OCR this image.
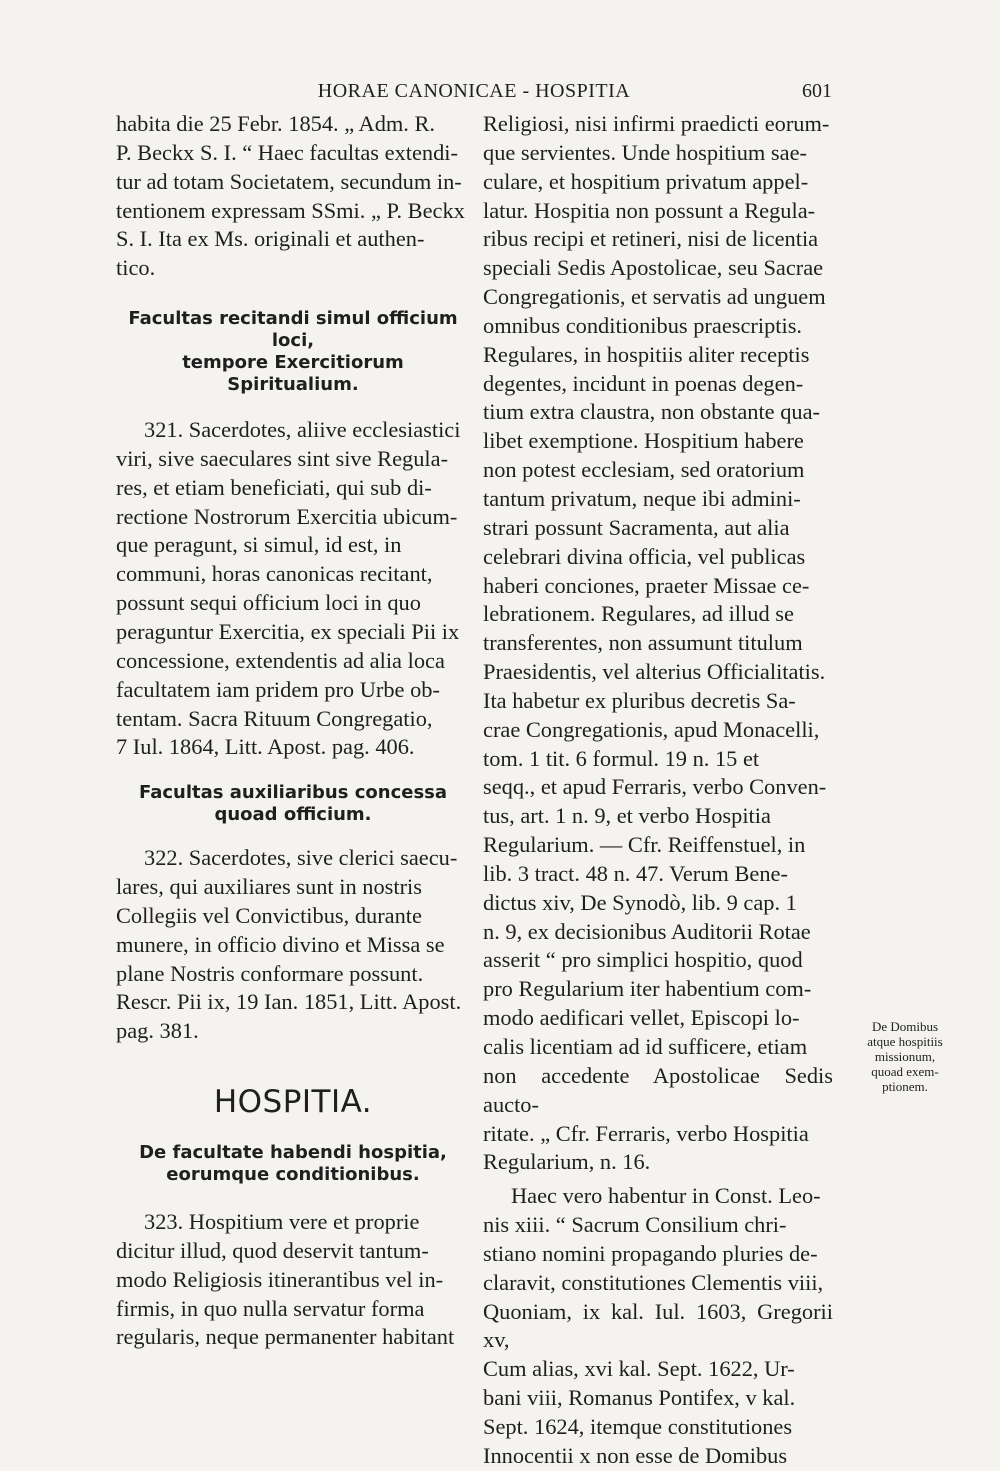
HORAE CANONICAE - HOSPITIA	601

habita die 25 Febr. 1854. „ Adm. R.
P. Beckx S. I. “ Haec facultas extendi-
tur ad totam Societatem, secundum in-
tentionem expressam SSmi. „ P. Beckx
S. I. Ita ex Ms. originali et authen-
tico.

Facultas recitandi simul officium loci,
tempore Exercitiorum Spiritualium.

321. Sacerdotes, aliive ecclesiastici
viri, sive saeculares sint sive Regula-
res, et etiam beneficiati, qui sub di-
rectione Nostrorum Exercitia ubicum-
que peragunt, si simul, id est, in
communi, horas canonicas recitant,
possunt sequi officium loci in quo
peraguntur Exercitia, ex speciali Pii ix
concessione, extendentis ad alia loca
facultatem iam pridem pro Urbe ob-
tentam. Sacra Rituum Congregatio,
7 Iul. 1864, Litt. Apost. pag. 406.

Facultas auxiliaribus concessa
quoad officium.

322. Sacerdotes, sive clerici saecu-
lares, qui auxiliares sunt in nostris
Collegiis vel Convictibus, durante
munere, in officio divino et Missa se
plane Nostris conformare possunt.
Rescr. Pii ix, 19 Ian. 1851, Litt. Apost.
pag. 381.

HOSPITIA.

De facultate habendi hospitia,
eorumque conditionibus.

323. Hospitium vere et proprie
dicitur illud, quod deservit tantum-
modo Religiosis itinerantibus vel in-
firmis, in quo nulla servatur forma
regularis, neque permanenter habitant

Religiosi, nisi infirmi praedicti eorum-
que servientes. Unde hospitium sae-
culare, et hospitium privatum appel-
latur. Hospitia non possunt a Regula-
ribus recipi et retineri, nisi de licentia
speciali Sedis Apostolicae, seu Sacrae
Congregationis, et servatis ad unguem
omnibus conditionibus praescriptis.
Regulares, in hospitiis aliter receptis
degentes, incidunt in poenas degen-
tium extra claustra, non obstante qua-
libet exemptione. Hospitium habere
non potest ecclesiam, sed oratorium
tantum privatum, neque ibi admini-
strari possunt Sacramenta, aut alia
celebrari divina officia, vel publicas
haberi conciones, praeter Missae ce-
lebrationem. Regulares, ad illud se
transferentes, non assumunt titulum
Praesidentis, vel alterius Officialitatis.
Ita habetur ex pluribus decretis Sa-
crae Congregationis, apud Monacelli,
tom. 1 tit. 6 formul. 19 n. 15 et
seqq., et apud Ferraris, verbo Conven-
tus, art. 1 n. 9, et verbo Hospitia
Regularium. — Cfr. Reiffenstuel, in
lib. 3 tract. 48 n. 47. Verum Bene-
dictus xiv, De Synodò, lib. 9 cap. 1
n. 9, ex decisionibus Auditorii Rotae
asserit “ pro simplici hospitio, quod
pro Regularium iter habentium com-
modo aedificari vellet, Episcopi lo-
calis licentiam ad id sufficere, etiam
non accedente Apostolicae Sedis aucto-
ritate. „ Cfr. Ferraris, verbo Hospitia
Regularium, n. 16.

Haec vero habentur in Const. Leo-
nis xiii. “ Sacrum Consilium chri-
stiano nomini propagando pluries de-
claravit, constitutiones Clementis viii,
Quoniam, ix kal. Iul. 1603, Gregorii xv,
Cum alias, xvi kal. Sept. 1622, Ur-
bani viii, Romanus Pontifex, v kal.
Sept. 1624, itemque constitutiones
Innocentii x non esse de Domibus

De Domibus
atque hospitiis
missionum,
quoad exem-
ptionem.
